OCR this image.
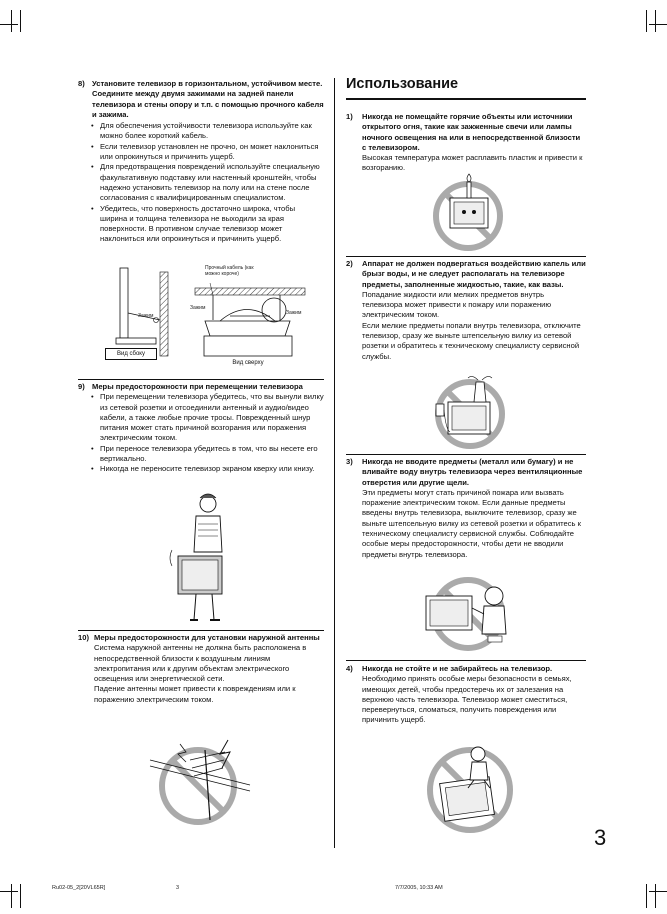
8) Установите телевизор в горизонтальном, устойчивом месте. Соедините между двумя зажимами на задней панели телевизора и стены опору и т.п. с помощью прочного кабеля и зажима.
• Для обеспечения устойчивости телевизора используйте как можно более короткий кабель.
• Если телевизор установлен не прочно, он может наклониться или опрокинуться и причинить ущерб.
• Для предотвращения повреждений используйте специальную факультативную подставку или настенный кронштейн, чтобы надежно установить телевизор на полу или на стене после согласования с квалифицированным специалистом.
• Убедитесь, что поверхность достаточно широка, чтобы ширина и толщина телевизора не выходили за края поверхности. В противном случае телевизор может наклониться или опрокинуться и причинить ущерб.
Зажим
Вид сбоку
Прочный кабель (как можно короче)
Зажим
Зажим
Вид сверху
9) Меры предосторожности при перемещении телевизора
• При перемещении телевизора убедитесь, что вы вынули вилку из сетевой розетки и отсоединили антенный и аудио/видео кабели, а также любые прочие тросы. Поврежденный шнур питания может стать причиной возгорания или поражения электрическим током.
• При переносе телевизора убедитесь в том, что вы несете его вертикально.
• Никогда не переносите телевизор экраном кверху или книзу.
10) Меры предосторожности для установки наружной антенны
Система наружной антенны не должна быть расположена в непосредственной близости к воздушным линиям электропитания или к другим объектам электрического освещения или энергетической сети.
Падение антенны может привести к повреждениям или к поражению электрическим током.
Использование
1)	Никогда не помещайте горячие объекты или источники открытого огня, такие как зажженные свечи или лампы ночного освещения на или в непосредственной близости с телевизором.
Высокая температура может расплавить пластик и привести к возгоранию.
2)	Аппарат не должен подвергаться воздействию капель или брызг воды, и не следует располагать на телевизоре предметы, заполненные жидкостью, такие, как вазы.
Попадание жидкости или мелких предметов внутрь телевизора может привести к пожару или поражению электрическим током.
Если мелкие предметы попали внутрь телевизора, отключите телевизор, сразу же выньте штепсельную вилку из сетевой розетки и обратитесь к техническому специалисту сервисной службы.
3)	Никогда не вводите предметы (металл или бумагу) и не вливайте воду внутрь телевизора через вентиляционные отверстия или другие щели.
Эти предметы могут стать причиной пожара или вызвать поражение электрическим током. Если данные предметы введены внутрь телевизора, выключите телевизор, сразу же выньте штепсельную вилку из сетевой розетки и обратитесь к техническому специалисту сервисной службы. Соблюдайте особые меры предосторожности, чтобы дети не вводили предметы внутрь телевизора.
4)	Никогда не стойте и не забирайтесь на телевизор.
Необходимо принять особые меры безопасности в семьях, имеющих детей, чтобы предостеречь их от залезания на верхнюю часть телевизора. Телевизор может сместиться, перевернуться, сломаться, получить повреждения или причинить ущерб.
3
Ru02-05_2[20VL65R]	3	7/7/2005, 10:33 AM
